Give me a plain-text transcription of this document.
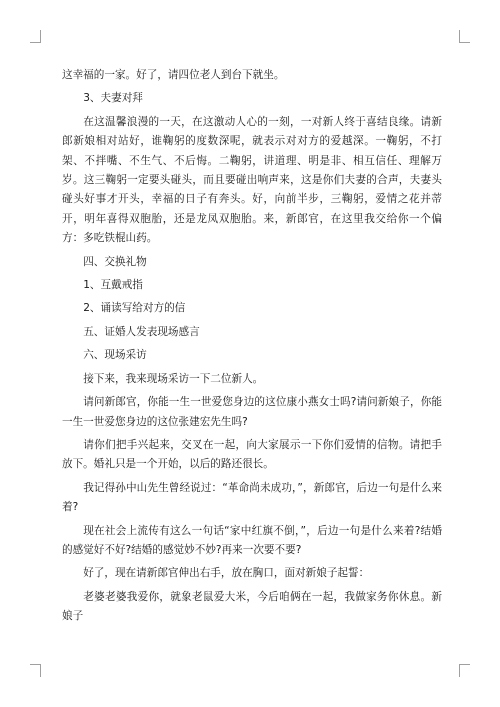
这幸福的一家。好了，请四位老人到台下就坐。

3、夫妻对拜

在这温馨浪漫的一天，在这激动人心的一刻，一对新人终于喜结良缘。请新郎新娘相对站好，谁鞠躬的度数深呢，就表示对对方的爱越深。一鞠躬，不打架、不拌嘴、不生气、不后悔。二鞠躬，讲道理、明是非、相互信任、理解万岁。这三鞠躬一定要头碰头，而且要碰出响声来，这是你们夫妻的合声，夫妻头碰头好事才开头，幸福的日子有奔头。好，向前半步，三鞠躬，爱情之花并蒂开，明年喜得双胞胎，还是龙凤双胞胎。来，新郎官，在这里我交给你一个偏方：多吃铁棍山药。

四、交换礼物

1、互戴戒指

2、诵读写给对方的信

五、证婚人发表现场感言

六、现场采访

接下来，我来现场采访一下二位新人。

请问新郎官，你能一生一世爱您身边的这位康小燕女士吗?请问新娘子，你能一生一世爱您身边的这位张建宏先生吗?

请你们把手兴起来，交叉在一起，向大家展示一下你们爱情的信物。请把手放下。婚礼只是一个开始，以后的路还很长。

我记得孙中山先生曾经说过：“革命尚未成功，”，新郎官，后边一句是什么来着?

现在社会上流传有这么一句话“家中红旗不倒，”，后边一句是什么来着?结婚的感觉好不好?结婚的感觉妙不妙?再来一次要不要?

好了，现在请新郎官伸出右手，放在胸口，面对新娘子起誓：

老婆老婆我爱你，就象老鼠爱大米，今后咱俩在一起，我做家务你休息。新娘子
